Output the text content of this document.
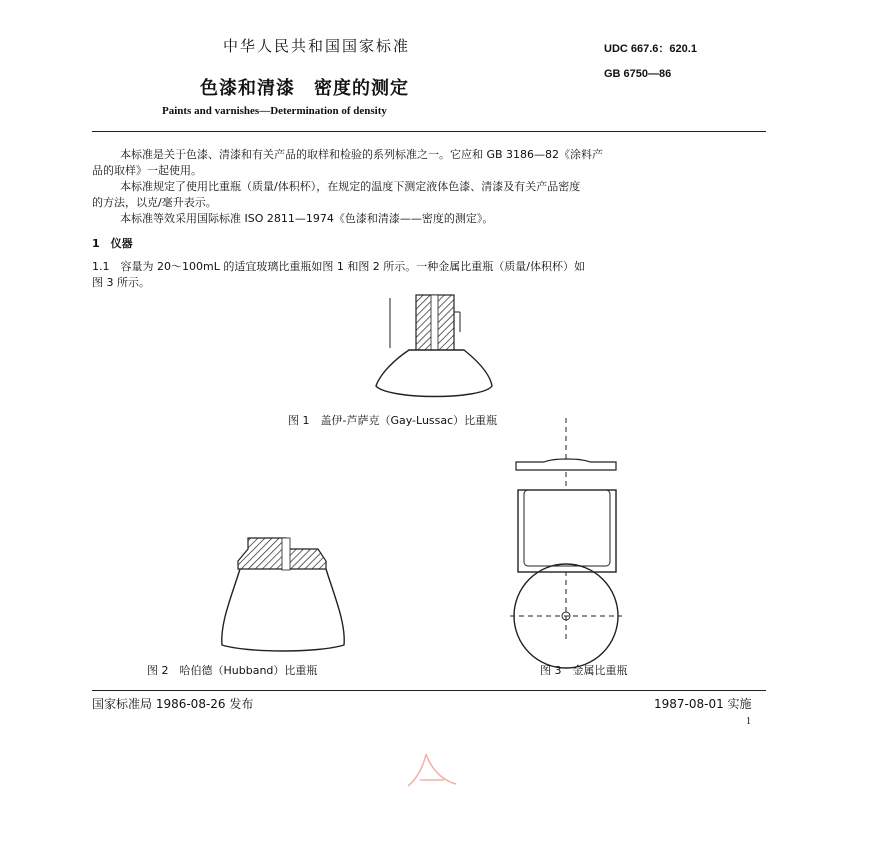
中华人民共和国国家标准	UDC 667.6：620.1
GB 6750—86
色漆和清漆　密度的测定
Paints and varnishes—Determination of density
本标准是关于色漆、清漆和有关产品的取样和检验的系列标准之一。它应和 GB 3186—82《涂料产
品的取样》一起使用。
本标准规定了使用比重瓶（质量/体积杯），在规定的温度下测定液体色漆、清漆及有关产品密度
的方法，以克/毫升表示。
本标准等效采用国际标准 ISO 2811—1974《色漆和清漆——密度的测定》。
1　仪器
1.1　容量为 20～100mL 的适宜玻璃比重瓶如图 1 和图 2 所示。一种金属比重瓶（质量/体积杯）如
图 3 所示。
图 1　盖伊-芦萨克（Gay-Lussac）比重瓶
图 2　哈伯德（Hubband）比重瓶	图 3　金属比重瓶
国家标准局 1986-08-26 发布	1987-08-01 实施
1
